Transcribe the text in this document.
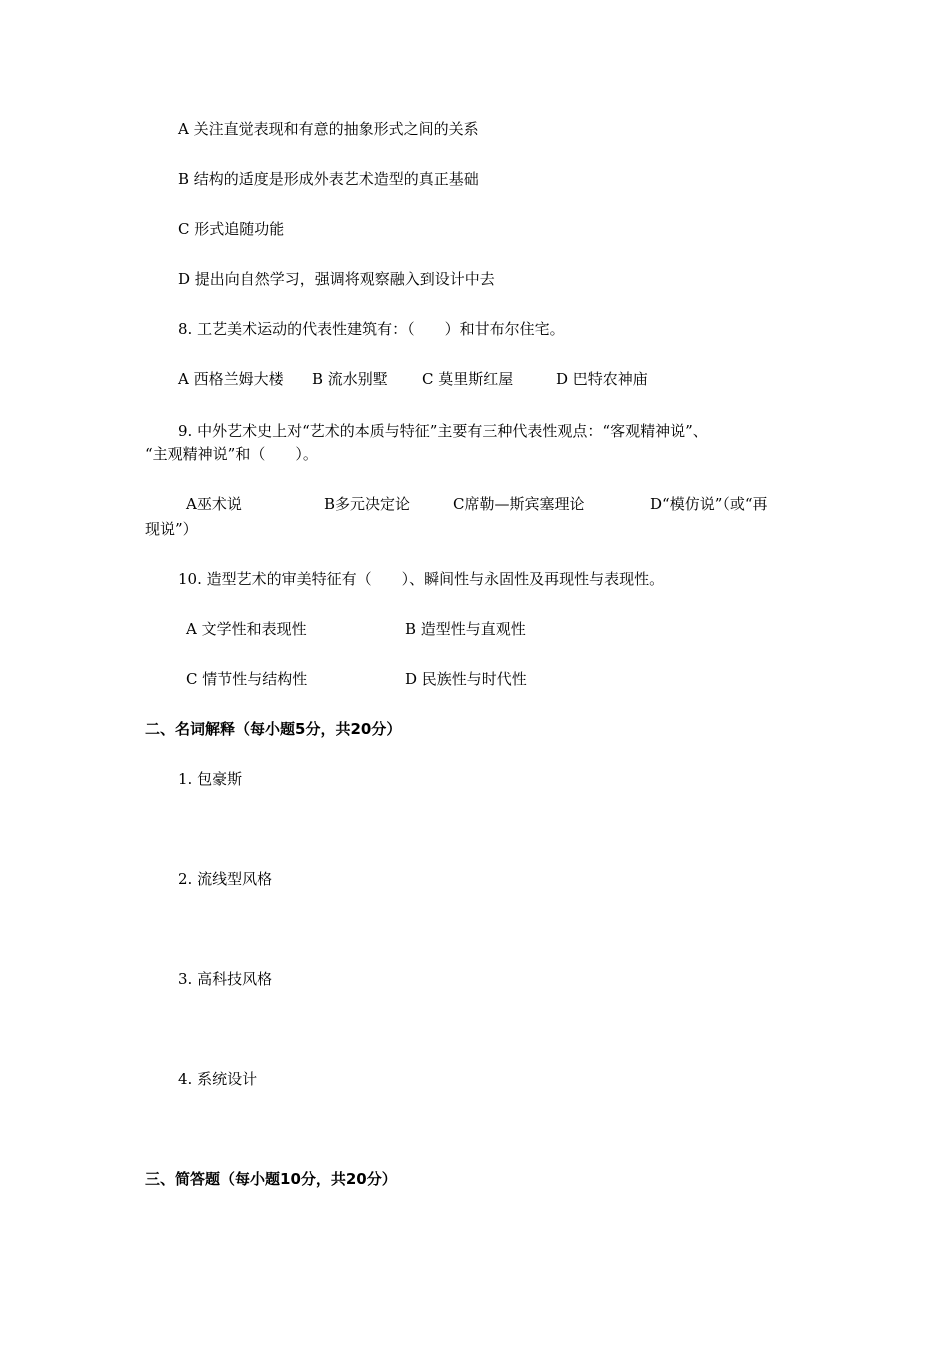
A 关注直觉表现和有意的抽象形式之间的关系
B 结构的适度是形成外表艺术造型的真正基础
C 形式追随功能
D 提出向自然学习，强调将观察融入到设计中去
8. 工艺美术运动的代表性建筑有：（　　）和甘布尔住宅。
A 西格兰姆大楼 B 流水别墅 C 莫里斯红屋	D 巴特农神庙
9. 中外艺术史上对“艺术的本质与特征”主要有三种代表性观点：“客观精神说”、
“主观精神说”和（　　）。
A巫术说	B多元决定论	C席勒—斯宾塞理论	D“模仿说”（或“再
现说”）
10. 造型艺术的审美特征有（　　）、瞬间性与永固性及再现性与表现性。
A 文学性和表现性	B 造型性与直观性
C 情节性与结构性	D 民族性与时代性
二、名词解释（每小题5分，共20分）
1. 包豪斯
2. 流线型风格
3. 高科技风格
4. 系统设计
三、简答题（每小题10分，共20分）
